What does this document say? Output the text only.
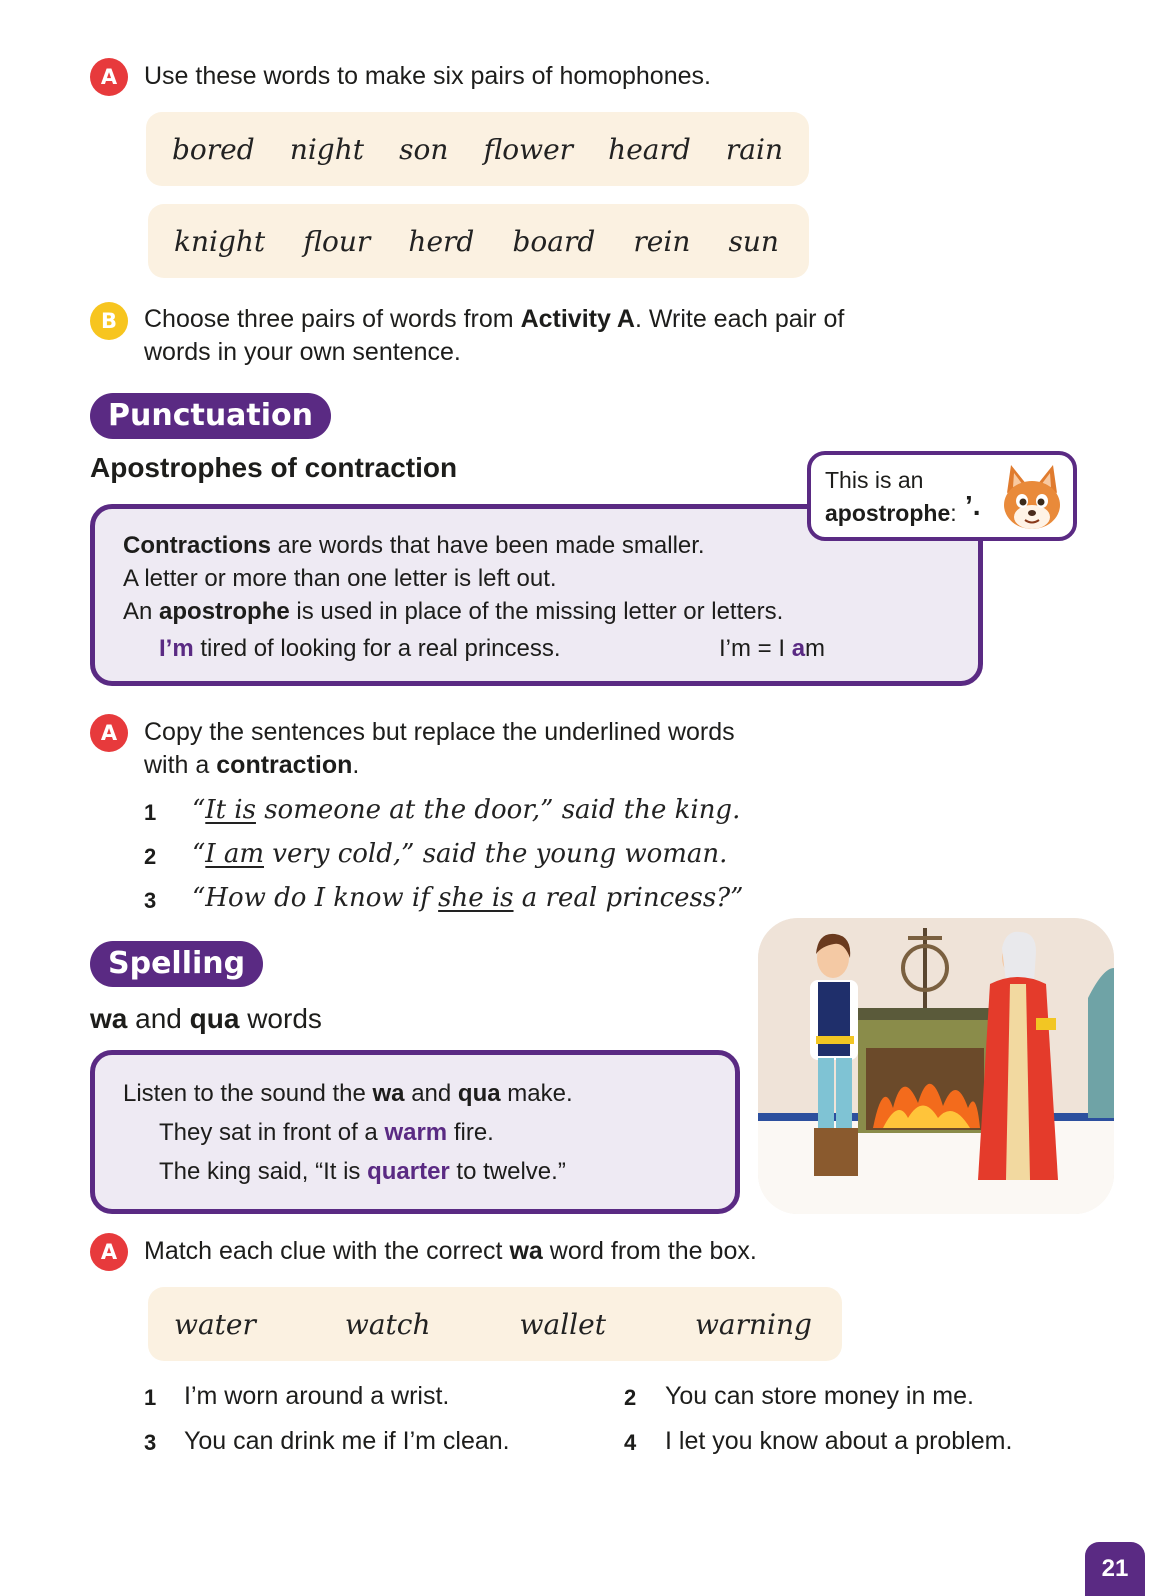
A	Use these words to make six pairs of homophones.
bored night son flower heard rain
knight flour herd board rein sun
B	Choose three pairs of words from Activity A. Write each pair of
words in your own sentence.
Punctuation
Apostrophes of contraction
Contractions are words that have been made smaller.
A letter or more than one letter is left out.
An apostrophe is used in place of the missing letter or letters.
I’m tired of looking for a real princess.	I’m = I am
This is an
apostrophe: ’.
A	Copy the sentences but replace the underlined words
with a contraction.
1 “It is someone at the door,” said the king.
2 “I am very cold,” said the young woman.
3 “How do I know if she is a real princess?”
Spelling
wa and qua words
Listen to the sound the wa and qua make.
They sat in front of a warm fire.
The king said, “It is quarter to twelve.”
A	Match each clue with the correct wa word from the box.
water	watch	wallet	warning
1 I’m worn around a wrist.	2 You can store money in me.
3 You can drink me if I’m clean.	4 I let you know about a problem.
21
